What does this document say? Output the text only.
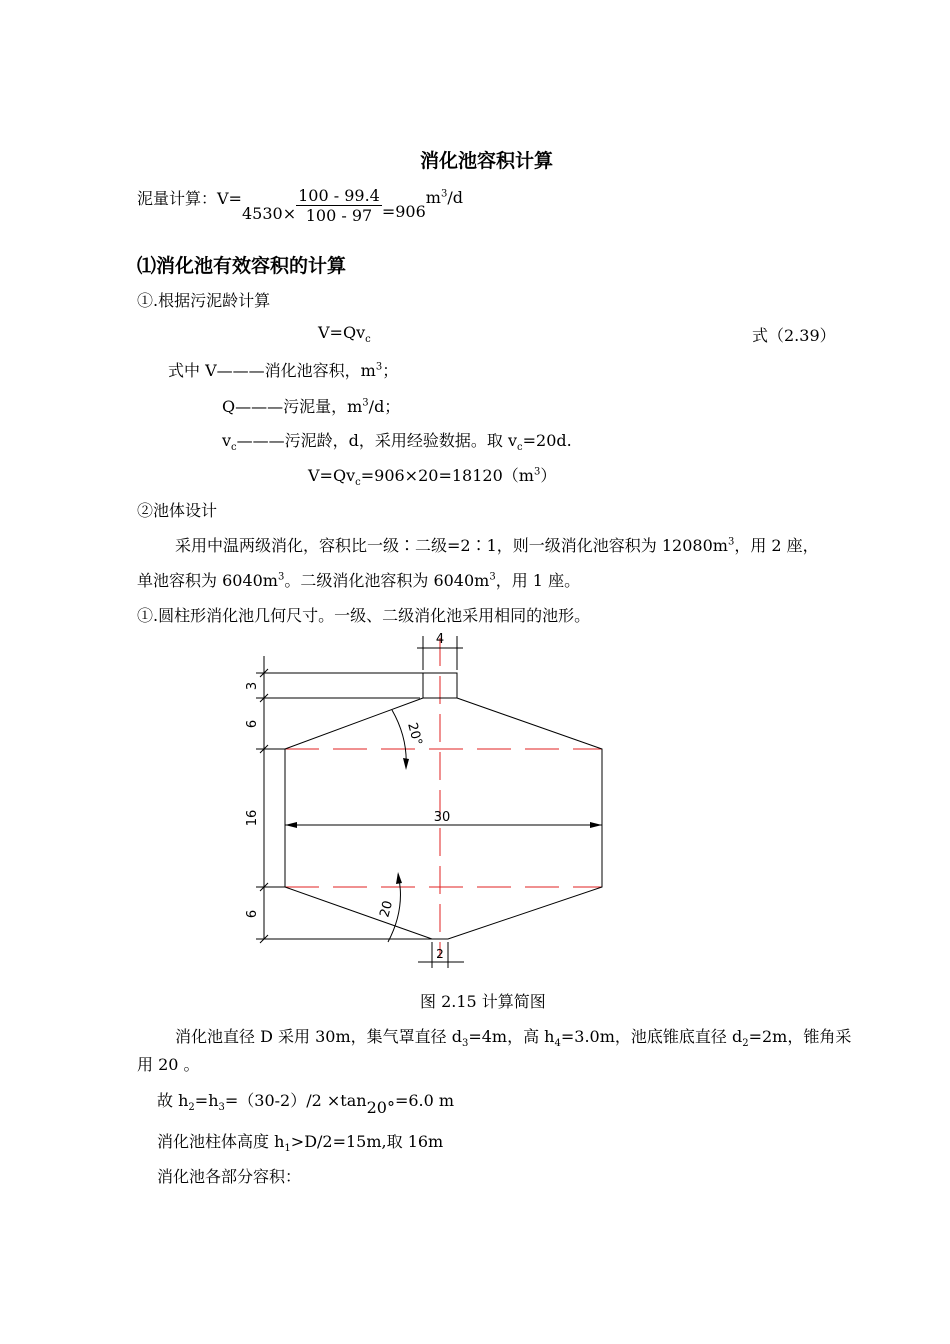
消化池容积计算
泥量计算：V=
$4530\times \frac{100 - 99.4}{100 - 97} =906$
$m^3/d$
⑴消化池有效容积的计算
①.根据污泥龄计算
$V=Qv_c$	式（2.39）
式中 V———消化池容积，$m^3$；
Q———污泥量，$m^3/d$；
$v_c———$污泥龄，d，采用经验数据。取 $v_c=20d$.
$V=Qv_c=906\times 20=18120(m^3)$
②池体设计
采用中温两级消化，容积比一级∶二级=2∶1，则一级消化池容积为 $12080m^3$，用 2 座，
单池容积为 $6040m^3$。二级消化池容积为 $6040m^3$，用 1 座。
①.圆柱形消化池几何尺寸。一级、二级消化池采用相同的池形。
3
6
16
6
4
30
2
20°
20
图 2.15 计算简图
消化池直径 D 采用 30m，集气罩直径 $d_3=4m$，高 $h_4=3.0m$，池底锥底直径 $d_2=2m$，锥角采
用 20 。
故 $h_2=h_3=(30-2)/2 \times\tan 20^\circ=6.0$ m
消化池柱体高度 $h_1>D/2=15m$,取 16m
消化池各部分容积：
